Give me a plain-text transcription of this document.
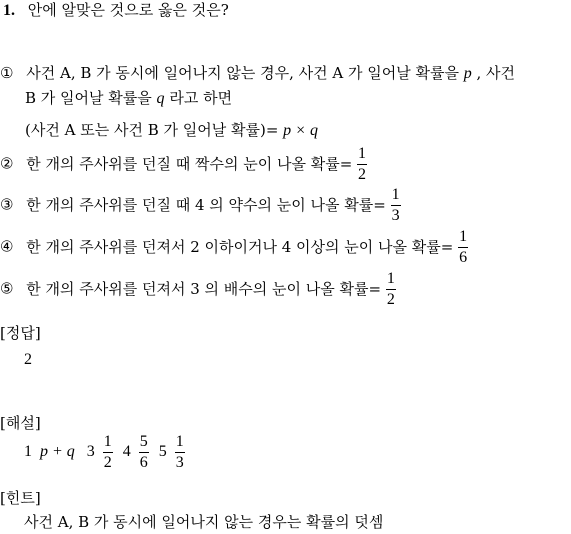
1. 안에 알맞은 것으로 옳은 것은?
① 사건 A, B 가 동시에 일어나지 않는 경우, 사건 A 가 일어날 확률을 p , 사건
B 가 일어날 확률을 q 라고 하면
(사건 A 또는 사건 B 가 일어날 확률)= p × q
② 한 개의 주사위를 던질 때 짝수의 눈이 나올 확률= $\frac{1}{2}$
③ 한 개의 주사위를 던질 때 4 의 약수의 눈이 나올 확률= $\frac{1}{3}$
④ 한 개의 주사위를 던져서 2 이하이거나 4 이상의 눈이 나올 확률= $\frac{1}{6}$
⑤ 한 개의 주사위를 던져서 3 의 배수의 눈이 나올 확률= $\frac{1}{2}$
[정답]
2
[해설]
1 p + q $3 \frac{1}{2} 4 \frac{5}{6} 5 \frac{1}{3}$
[힌트]
사건 A, B 가 동시에 일어나지 않는 경우는 확률의 덧셈
